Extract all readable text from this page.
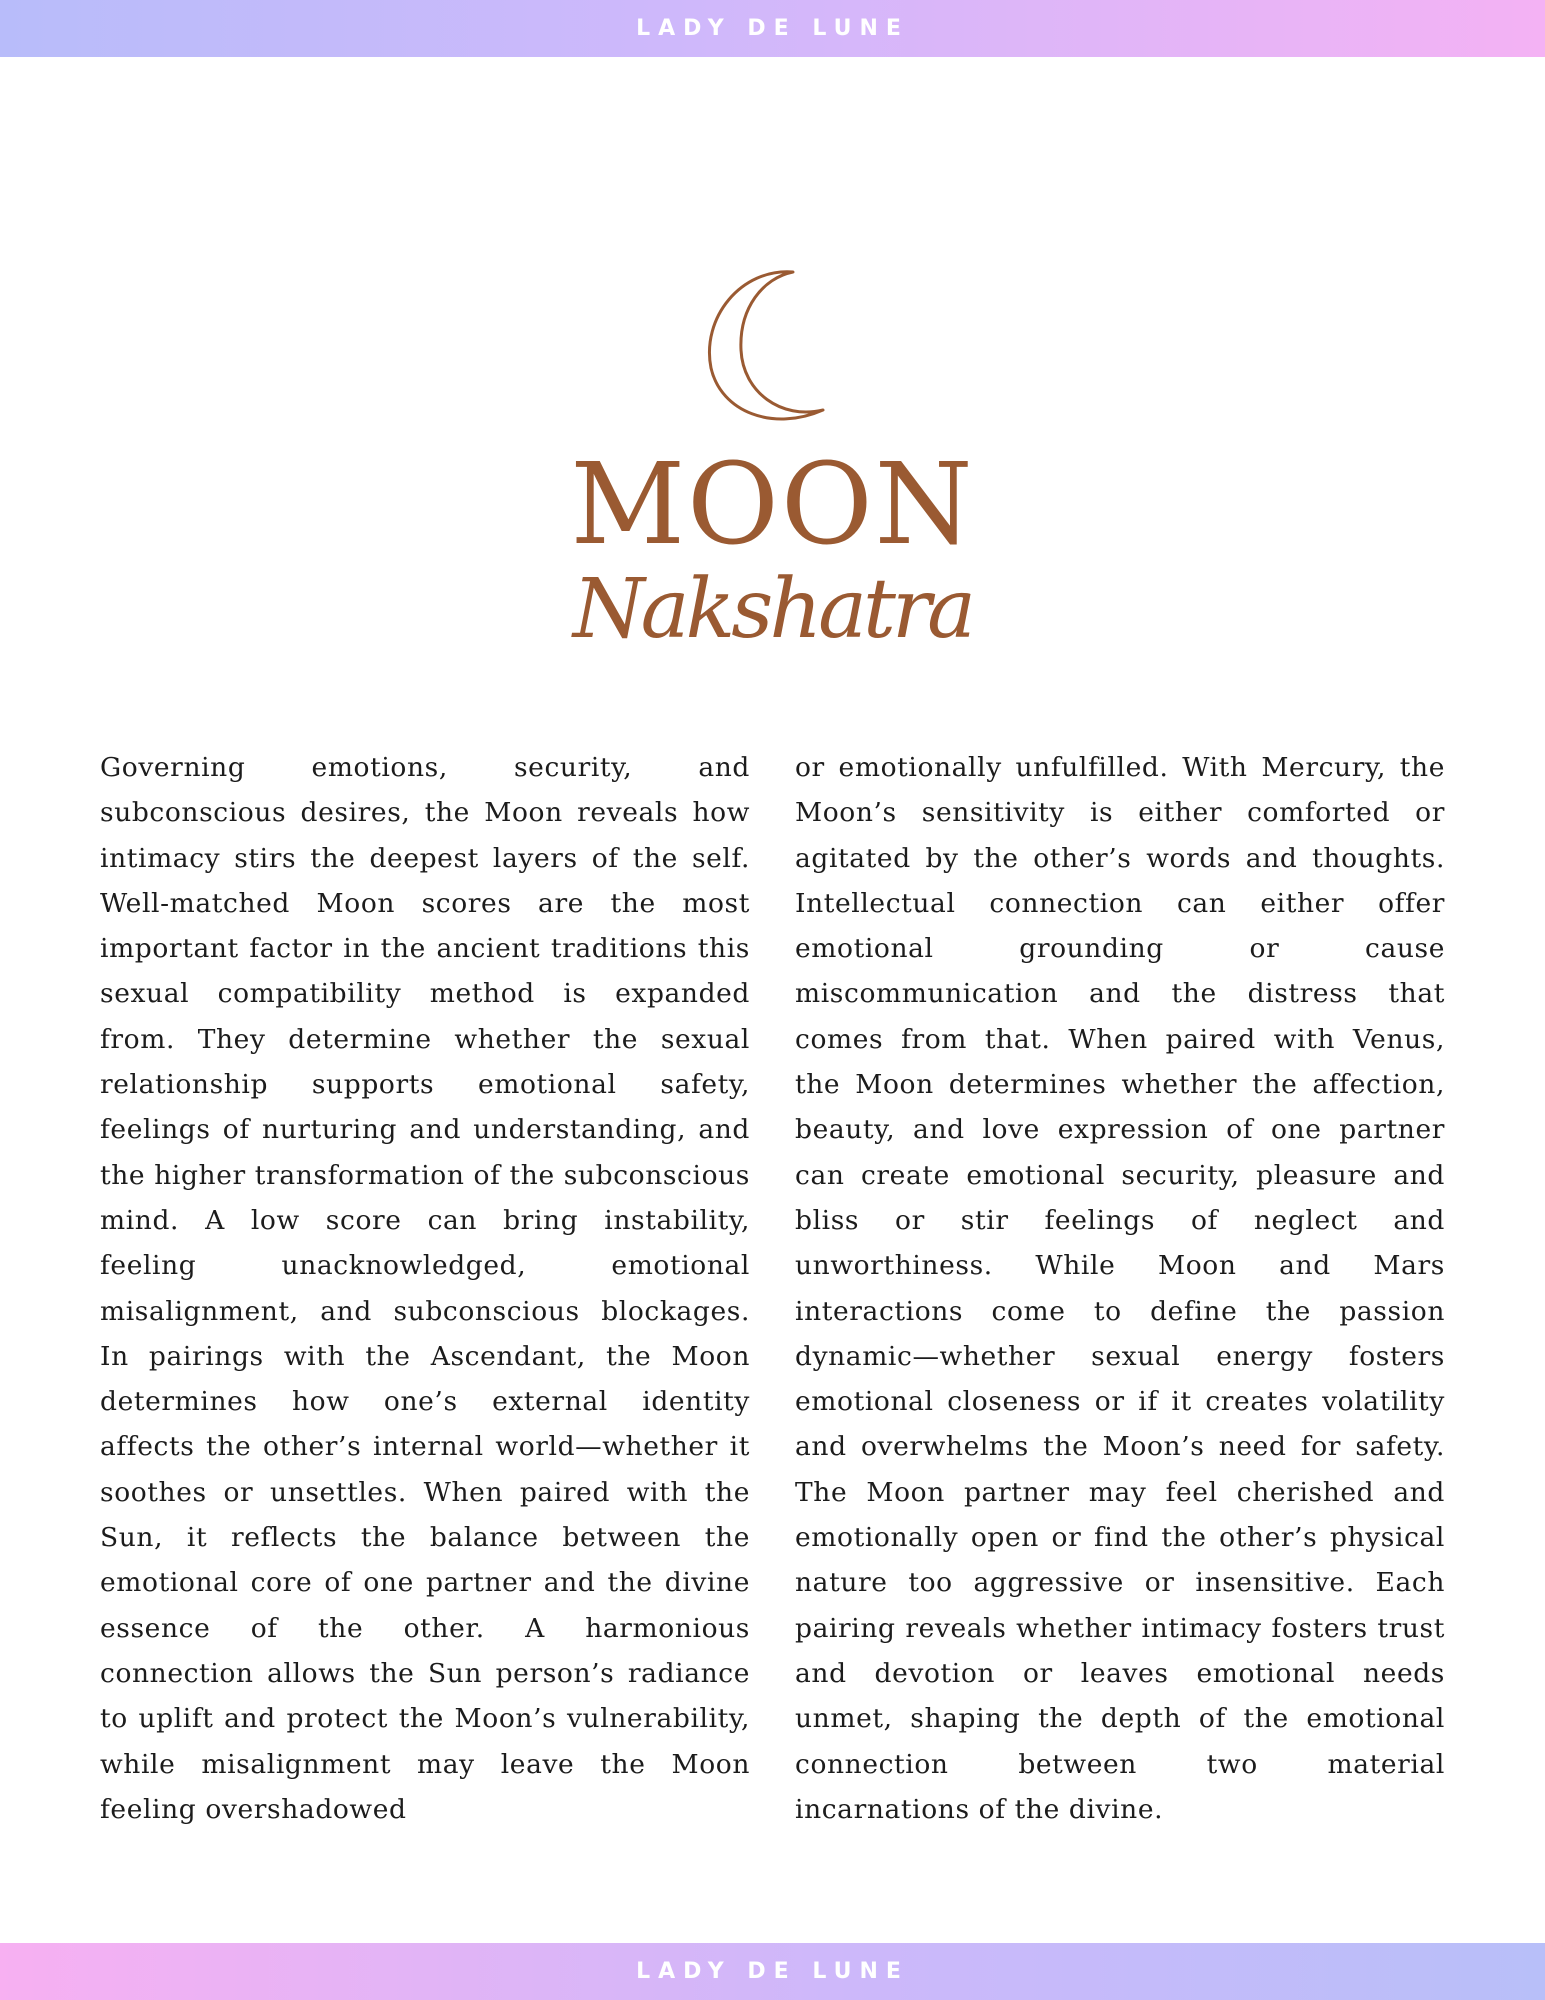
LADY DE LUNE
MOON
Nakshatra

Governing emotions, security, and subconscious desires, the Moon reveals how intimacy stirs the deepest layers of the self. Well-matched Moon scores are the most important factor in the ancient traditions this sexual compatibility method is expanded from. They determine whether the sexual relationship supports emotional safety, feelings of nurturing and understanding, and the higher transformation of the subconscious mind. A low score can bring instability, feeling unacknowledged, emotional misalignment, and subconscious blockages. In pairings with the Ascendant, the Moon determines how one’s external identity affects the other’s internal world—whether it soothes or unsettles. When paired with the Sun, it reflects the balance between the emotional core of one partner and the divine essence of the other. A harmonious connection allows the Sun person’s radiance to uplift and protect the Moon’s vulnerability, while misalignment may leave the Moon feeling overshadowed

or emotionally unfulfilled. With Mercury, the Moon’s sensitivity is either comforted or agitated by the other’s words and thoughts. Intellectual connection can either offer emotional grounding or cause miscommunication and the distress that comes from that. When paired with Venus, the Moon determines whether the affection, beauty, and love expression of one partner can create emotional security, pleasure and bliss or stir feelings of neglect and unworthiness. While Moon and Mars interactions come to define the passion dynamic—whether sexual energy fosters emotional closeness or if it creates volatility and overwhelms the Moon’s need for safety. The Moon partner may feel cherished and emotionally open or find the other’s physical nature too aggressive or insensitive. Each pairing reveals whether intimacy fosters trust and devotion or leaves emotional needs unmet, shaping the depth of the emotional connection between two material incarnations of the divine.

LADY DE LUNE
